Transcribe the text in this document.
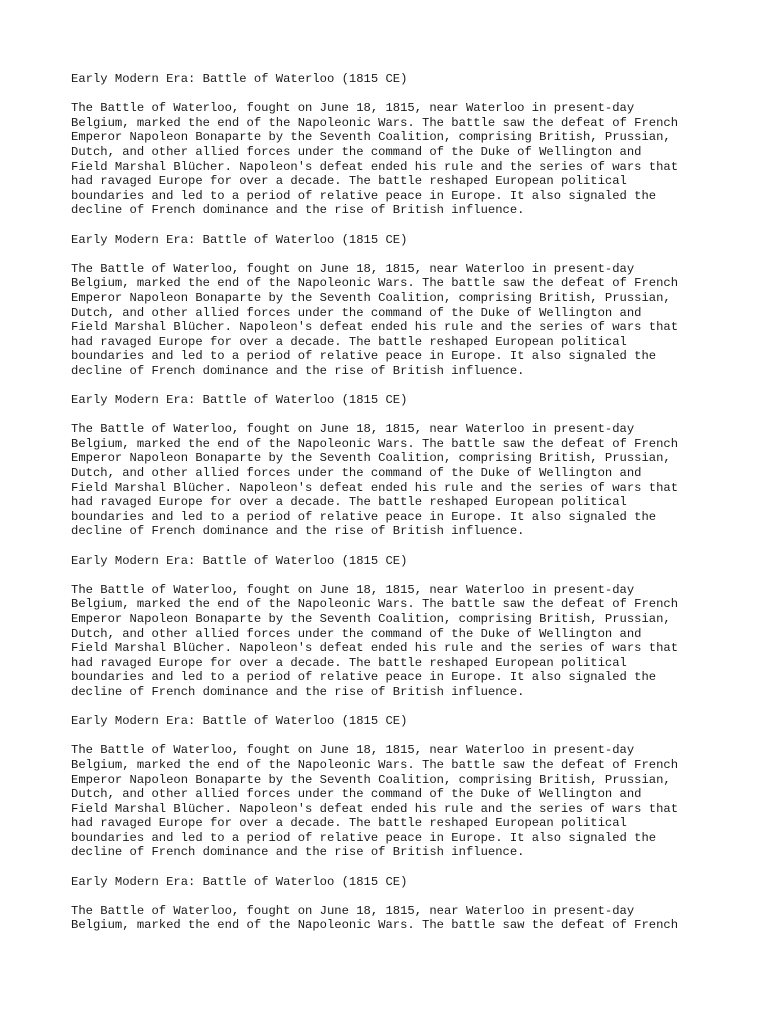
Early Modern Era: Battle of Waterloo (1815 CE)
The Battle of Waterloo, fought on June 18, 1815, near Waterloo in present-day
Belgium, marked the end of the Napoleonic Wars. The battle saw the defeat of French
Emperor Napoleon Bonaparte by the Seventh Coalition, comprising British, Prussian,
Dutch, and other allied forces under the command of the Duke of Wellington and
Field Marshal Blücher. Napoleon's defeat ended his rule and the series of wars that
had ravaged Europe for over a decade. The battle reshaped European political
boundaries and led to a period of relative peace in Europe. It also signaled the
decline of French dominance and the rise of British influence.
Early Modern Era: Battle of Waterloo (1815 CE)
The Battle of Waterloo, fought on June 18, 1815, near Waterloo in present-day
Belgium, marked the end of the Napoleonic Wars. The battle saw the defeat of French
Emperor Napoleon Bonaparte by the Seventh Coalition, comprising British, Prussian,
Dutch, and other allied forces under the command of the Duke of Wellington and
Field Marshal Blücher. Napoleon's defeat ended his rule and the series of wars that
had ravaged Europe for over a decade. The battle reshaped European political
boundaries and led to a period of relative peace in Europe. It also signaled the
decline of French dominance and the rise of British influence.
Early Modern Era: Battle of Waterloo (1815 CE)
The Battle of Waterloo, fought on June 18, 1815, near Waterloo in present-day
Belgium, marked the end of the Napoleonic Wars. The battle saw the defeat of French
Emperor Napoleon Bonaparte by the Seventh Coalition, comprising British, Prussian,
Dutch, and other allied forces under the command of the Duke of Wellington and
Field Marshal Blücher. Napoleon's defeat ended his rule and the series of wars that
had ravaged Europe for over a decade. The battle reshaped European political
boundaries and led to a period of relative peace in Europe. It also signaled the
decline of French dominance and the rise of British influence.
Early Modern Era: Battle of Waterloo (1815 CE)
The Battle of Waterloo, fought on June 18, 1815, near Waterloo in present-day
Belgium, marked the end of the Napoleonic Wars. The battle saw the defeat of French
Emperor Napoleon Bonaparte by the Seventh Coalition, comprising British, Prussian,
Dutch, and other allied forces under the command of the Duke of Wellington and
Field Marshal Blücher. Napoleon's defeat ended his rule and the series of wars that
had ravaged Europe for over a decade. The battle reshaped European political
boundaries and led to a period of relative peace in Europe. It also signaled the
decline of French dominance and the rise of British influence.
Early Modern Era: Battle of Waterloo (1815 CE)
The Battle of Waterloo, fought on June 18, 1815, near Waterloo in present-day
Belgium, marked the end of the Napoleonic Wars. The battle saw the defeat of French
Emperor Napoleon Bonaparte by the Seventh Coalition, comprising British, Prussian,
Dutch, and other allied forces under the command of the Duke of Wellington and
Field Marshal Blücher. Napoleon's defeat ended his rule and the series of wars that
had ravaged Europe for over a decade. The battle reshaped European political
boundaries and led to a period of relative peace in Europe. It also signaled the
decline of French dominance and the rise of British influence.
Early Modern Era: Battle of Waterloo (1815 CE)
The Battle of Waterloo, fought on June 18, 1815, near Waterloo in present-day
Belgium, marked the end of the Napoleonic Wars. The battle saw the defeat of French
